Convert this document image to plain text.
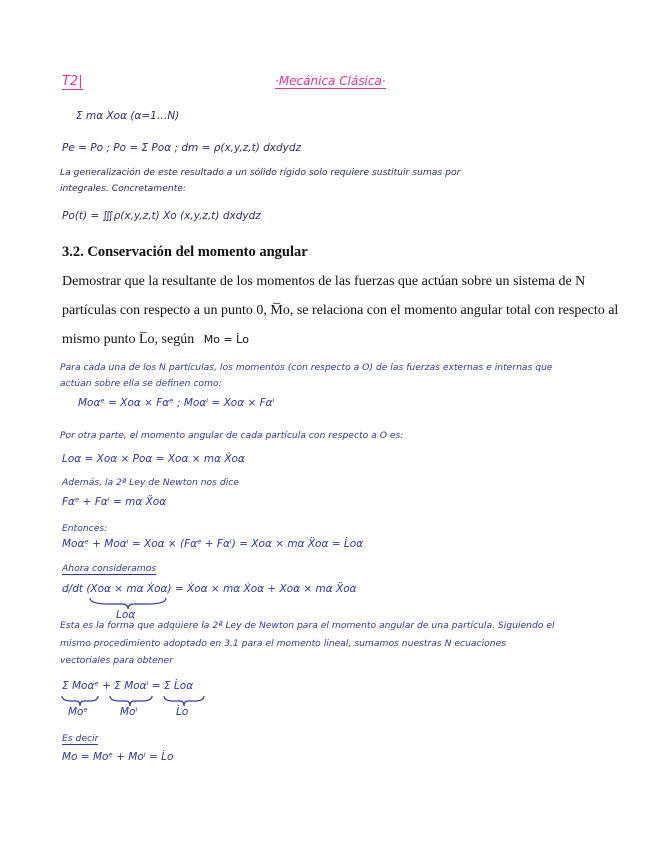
T2|	·Mecánica Clásica·
Σ mα Xoα (α=1…N)
Pe = Po ; Po = Σ Poα ; dm = ρ(x,y,z,t) dxdydz
La generalización de este resultado a un sólido rígido solo requiere sustituir sumas por
integrales. Concretamente:
Po(t) = ∭ρ(x,y,z,t) Xo (x,y,z,t) dxdydz
3.2. Conservación del momento angular
Demostrar que la resultante de los momentos de las fuerzas que actúan sobre un sistema de N
partículas con respecto a un punto 0, M̅o, se relaciona con el momento angular total con respecto al
mismo punto L̅o, según Mo = L̇o
Para cada una de los N partículas, los momentos (con respecto a O) de las fuerzas externas e internas que
actúan sobre ella se definen como:
Moαᵉ = Xoα × Fαᵉ ; Moαⁱ = Xoα × Fαⁱ
Por otra parte, el momento angular de cada partícula con respecto a O es:
Loα = Xoα × Poα = Xoα × mα Ẋoα
Además, la 2ª Ley de Newton nos dice
Fαᵉ + Fαⁱ = mα Ẍoα
Entonces:
Moαᵉ + Moαⁱ = Xoα × (Fαᵉ + Fαⁱ) = Xoα × mα Ẍoα = L̇oα
Ahora consideramos
d/dt (Xoα × mα Ẋoα) = Ẋoα × mα Ẋoα + Xoα × mα Ẍoα
Loα
Esta es la forma que adquiere la 2ª Ley de Newton para el momento angular de una partícula. Siguiendo el
mismo procedimiento adoptado en 3.1 para el momento lineal, sumamos nuestras N ecuaciones
vectoriales para obtener
Σ Moαᵉ + Σ Moαⁱ = Σ L̇oα
Moᵉ	Moⁱ	L̇o
Es decir
Mo = Moᵉ + Moⁱ = L̇o
